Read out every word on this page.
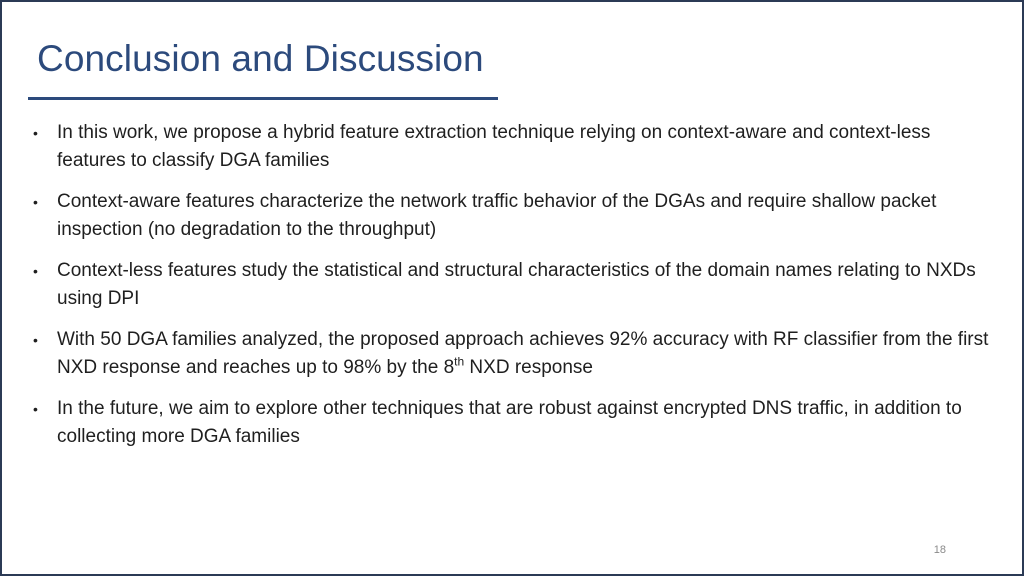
Conclusion and Discussion
• In this work, we propose a hybrid feature extraction technique relying on context-aware and context-less features to classify DGA families
• Context-aware features characterize the network traffic behavior of the DGAs and require shallow packet inspection (no degradation to the throughput)
• Context-less features study the statistical and structural characteristics of the domain names relating to NXDs using DPI
• With 50 DGA families analyzed, the proposed approach achieves 92% accuracy with RF classifier from the first NXD response and reaches up to 98% by the 8th NXD response
• In the future, we aim to explore other techniques that are robust against encrypted DNS traffic, in addition to collecting more DGA families
18
